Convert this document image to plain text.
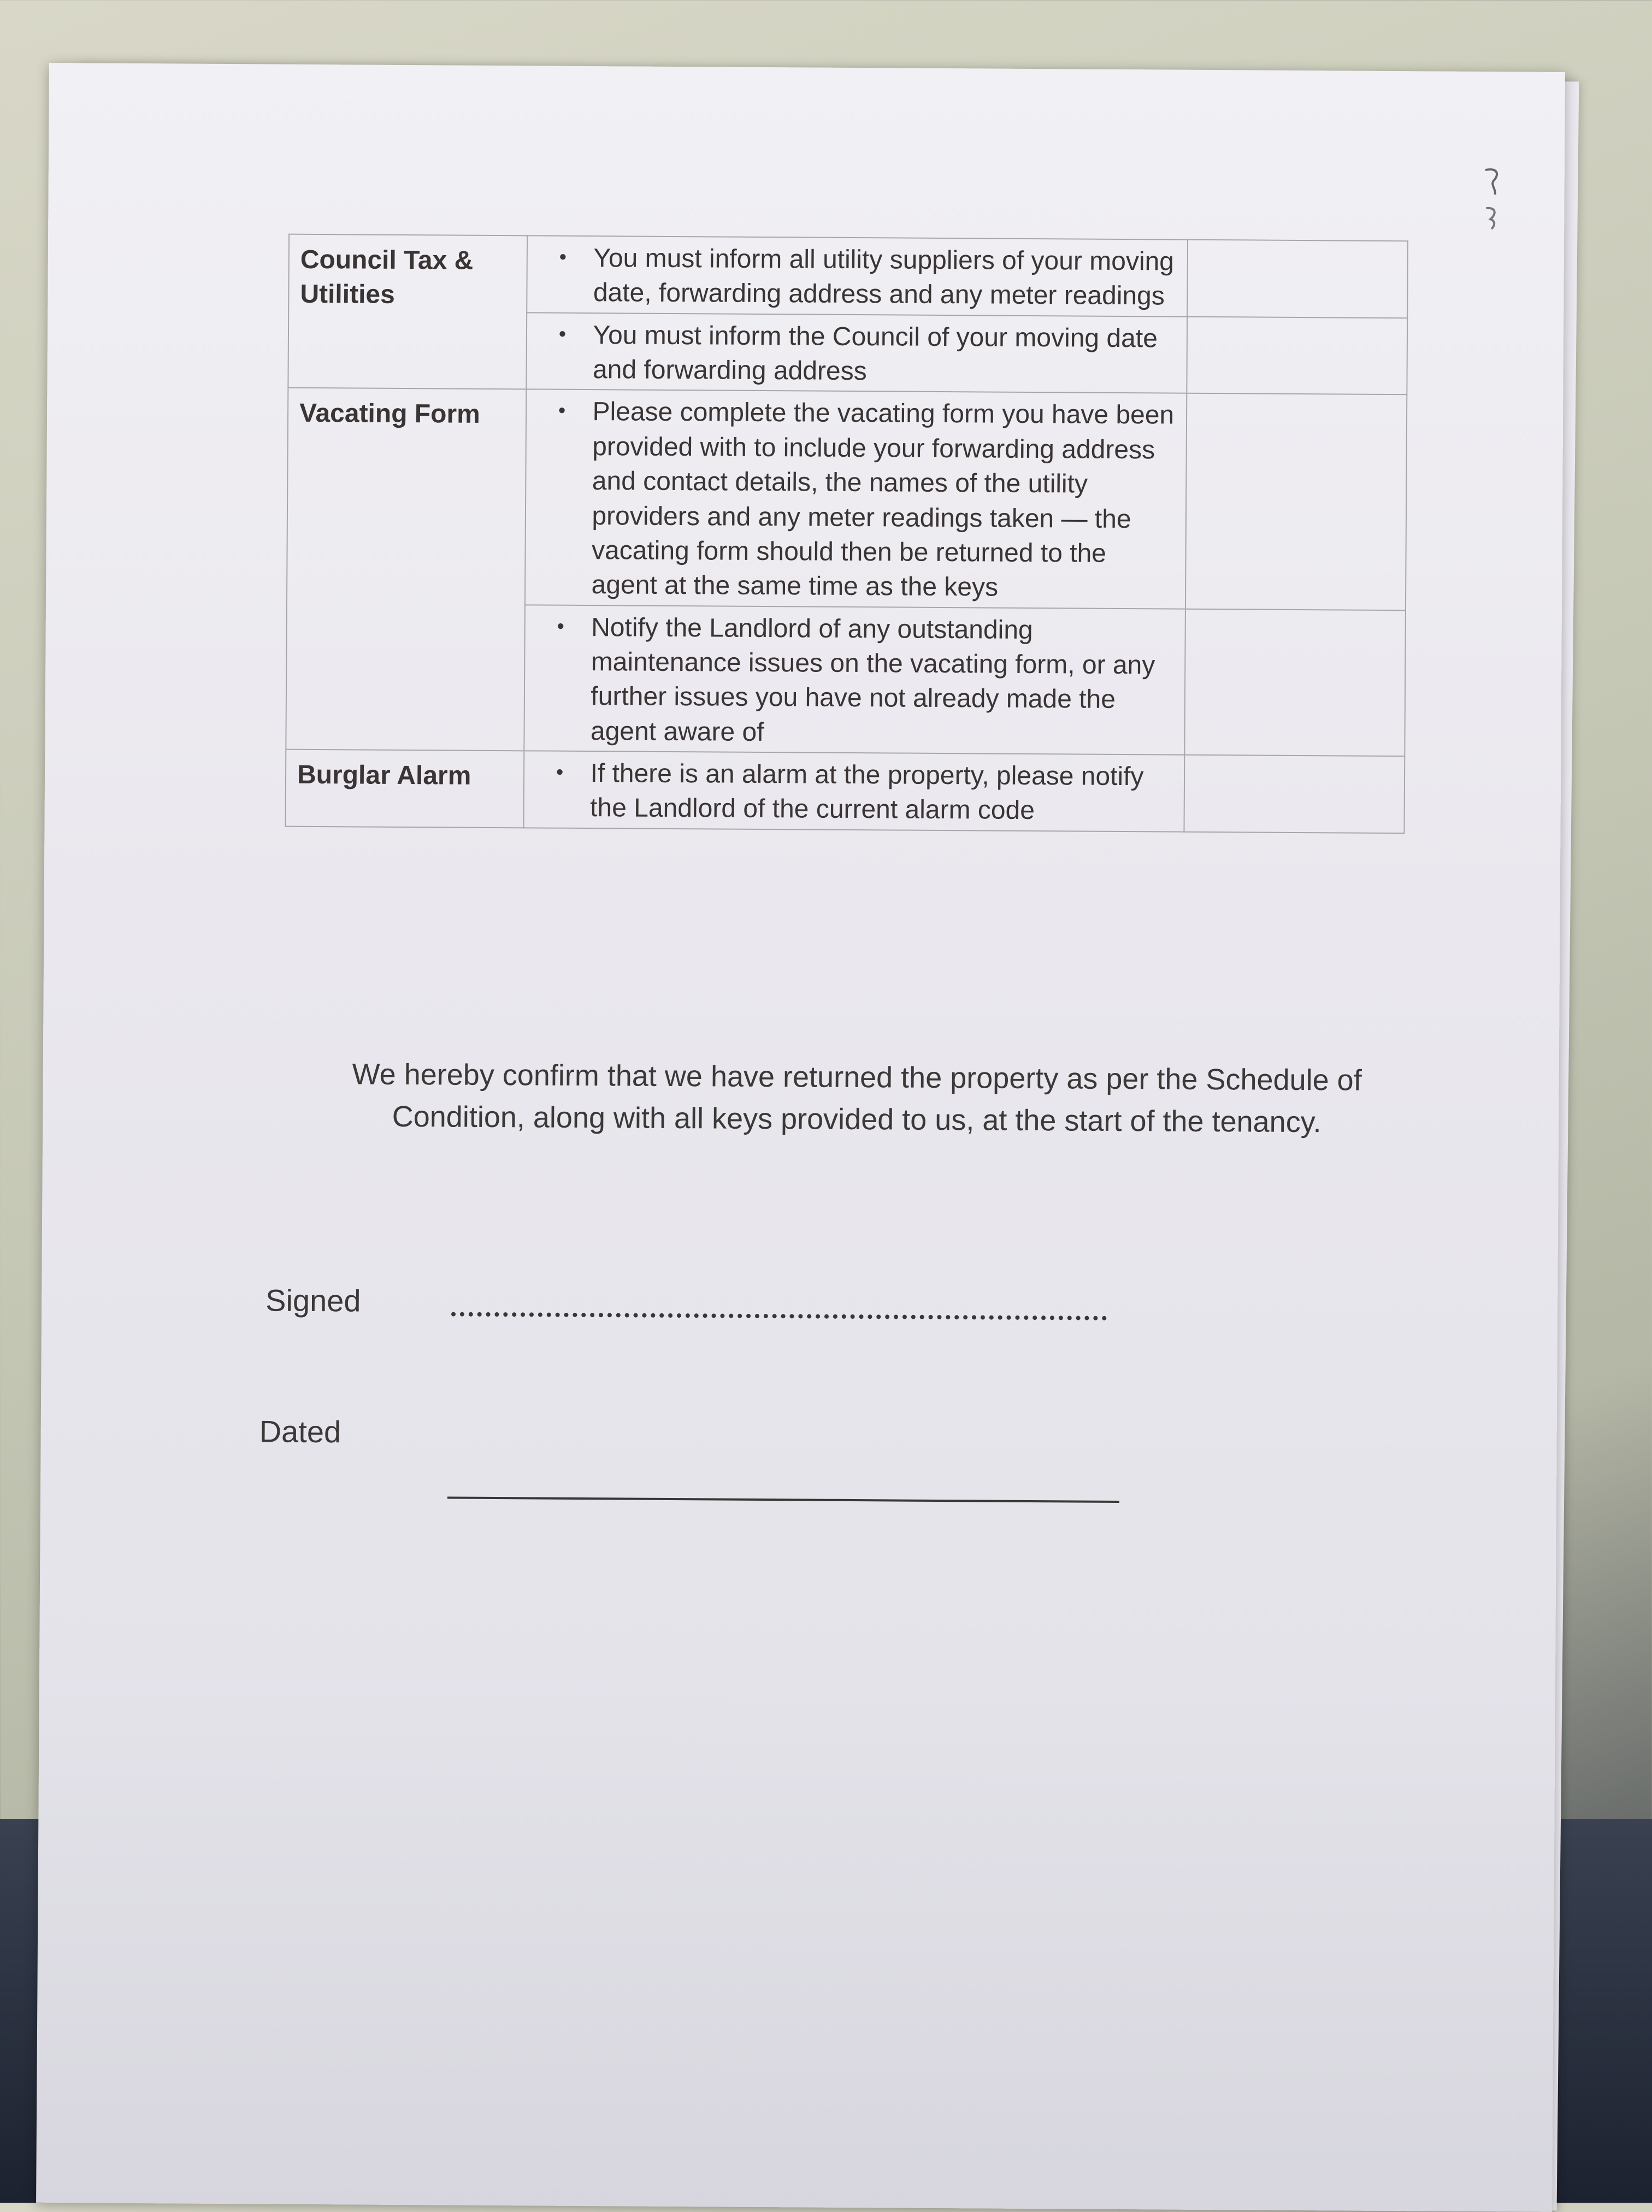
Council Tax & Utilities	• You must inform all utility suppliers of your moving date, forwarding address and any meter readings	

	• You must inform the Council of your moving date and forwarding address	

Vacating Form	• Please complete the vacating form you have been provided with to include your forwarding address and contact details, the names of the utility providers and any meter readings taken — the vacating form should then be returned to the agent at the same time as the keys	

	• Notify the Landlord of any outstanding maintenance issues on the vacating form, or any further issues you have not already made the agent aware of	

Burglar Alarm	• If there is an alarm at the property, please notify the Landlord of the current alarm code	

We hereby confirm that we have returned the property as per the Schedule of Condition, along with all keys provided to us, at the start of the tenancy.
Signed
Dated
